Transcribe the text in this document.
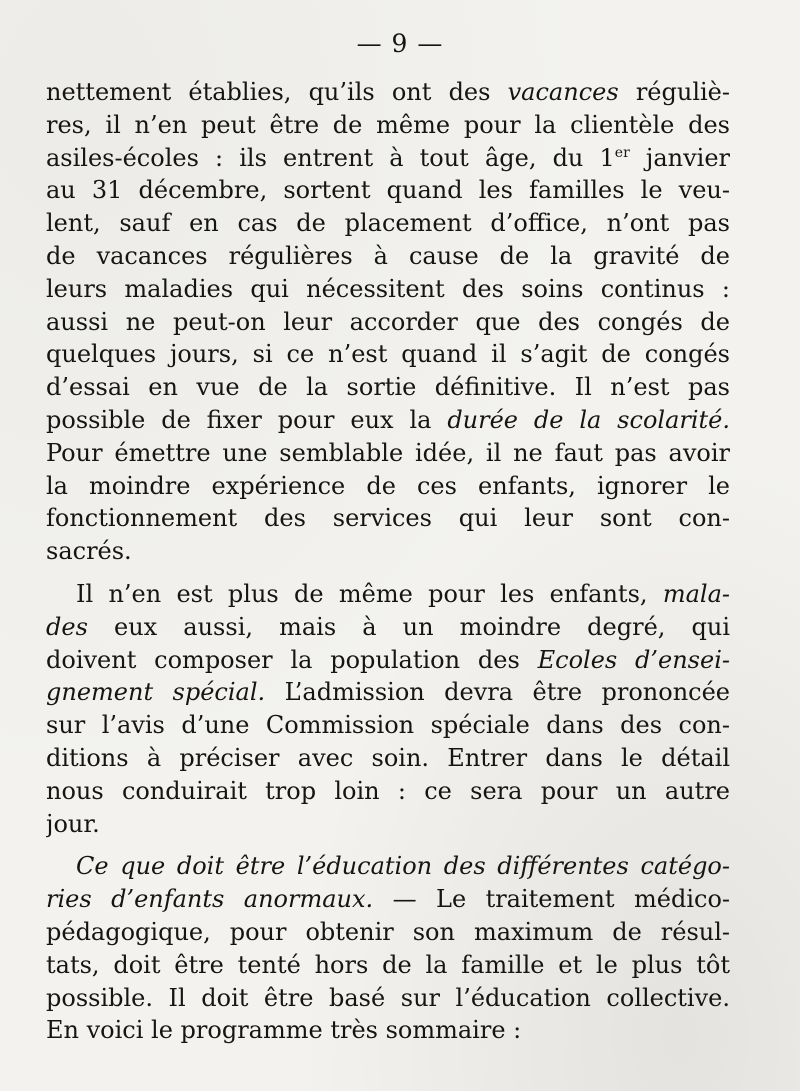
— 9 —
nettement établies, qu’ils ont des vacances réguliè-
res, il n’en peut être de même pour la clientèle des
asiles-écoles : ils entrent à tout âge, du 1er janvier
au 31 décembre, sortent quand les familles le veu-
lent, sauf en cas de placement d’office, n’ont pas
de vacances régulières à cause de la gravité de
leurs maladies qui nécessitent des soins continus :
aussi ne peut-on leur accorder que des congés de
quelques jours, si ce n’est quand il s’agit de congés
d’essai en vue de la sortie définitive. Il n’est pas
possible de fixer pour eux la durée de la scolarité.
Pour émettre une semblable idée, il ne faut pas avoir
la moindre expérience de ces enfants, ignorer le
fonctionnement des services qui leur sont con-
sacrés.
Il n’en est plus de même pour les enfants, mala-
des eux aussi, mais à un moindre degré, qui
doivent composer la population des Ecoles d’ensei-
gnement spécial. L’admission devra être prononcée
sur l’avis d’une Commission spéciale dans des con-
ditions à préciser avec soin. Entrer dans le détail
nous conduirait trop loin : ce sera pour un autre
jour.
Ce que doit être l’éducation des différentes catégo-
ries d’enfants anormaux. — Le traitement médico-
pédagogique, pour obtenir son maximum de résul-
tats, doit être tenté hors de la famille et le plus tôt
possible. Il doit être basé sur l’éducation collective.
En voici le programme très sommaire :
